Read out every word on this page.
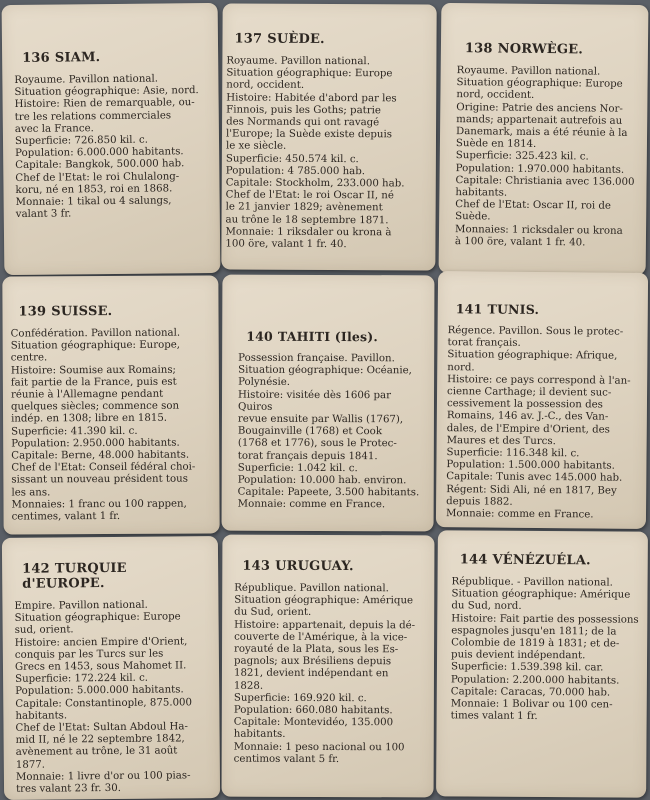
136 SIAM.
Royaume. Pavillon national.
Situation géographique: Asie, nord.
Histoire: Rien de remarquable, ou-
tre les relations commerciales
avec la France.
Superficie: 726.850 kil. c.
Population: 6.000.000 habitants.
Capitale: Bangkok, 500.000 hab.
Chef de l'Etat: le roi Chulalong-
koru, né en 1853, roi en 1868.
Monnaie: 1 tikal ou 4 salungs,
valant 3 fr.
137 SUÈDE.
Royaume. Pavillon national.
Situation géographique: Europe
nord, occident.
Histoire: Habitée d'abord par les
Finnois, puis les Goths; patrie
des Normands qui ont ravagé
l'Europe; la Suède existe depuis
le xe siècle.
Superficie: 450.574 kil. c.
Population: 4 785.000 hab.
Capitale: Stockholm, 233.000 hab.
Chef de l'Etat: le roi Oscar II, né
le 21 janvier 1829; avènement
au trône le 18 septembre 1871.
Monnaie: 1 riksdaler ou krona à
100 öre, valant 1 fr. 40.
138 NORWÈGE.
Royaume. Pavillon national.
Situation géographique: Europe
nord, occident.
Origine: Patrie des anciens Nor-
mands; appartenait autrefois au
Danemark, mais a été réunie à la
Suède en 1814.
Superficie: 325.423 kil. c.
Population: 1.970.000 habitants.
Capitale: Christiania avec 136.000
habitants.
Chef de l'Etat: Oscar II, roi de
Suède.
Monnaies: 1 ricksdaler ou krona
à 100 öre, valant 1 fr. 40.
139 SUISSE.
Confédération. Pavillon national.
Situation géographique: Europe,
centre.
Histoire: Soumise aux Romains;
fait partie de la France, puis est
réunie à l'Allemagne pendant
quelques siècles; commence son
indép. en 1308; libre en 1815.
Superficie: 41.390 kil. c.
Population: 2.950.000 habitants.
Capitale: Berne, 48.000 habitants.
Chef de l'Etat: Conseil fédéral choi-
sissant un nouveau président tous
les ans.
Monnaies: 1 franc ou 100 rappen,
centimes, valant 1 fr.
140 TAHITI (Iles).
Possession française. Pavillon.
Situation géographique: Océanie,
Polynésie.
Histoire: visitée dès 1606 par Quiros
revue ensuite par Wallis (1767),
Bougainville (1768) et Cook
(1768 et 1776), sous le Protec-
torat français depuis 1841.
Superficie: 1.042 kil. c.
Population: 10.000 hab. environ.
Capitale: Papeete, 3.500 habitants.
Monnaie: comme en France.
141 TUNIS.
Régence. Pavillon. Sous le protec-
torat français.
Situation géographique: Afrique,
nord.
Histoire: ce pays correspond à l'an-
cienne Carthage; il devient suc-
cessivement la possession des
Romains, 146 av. J.-C., des Van-
dales, de l'Empire d'Orient, des
Maures et des Turcs.
Superficie: 116.348 kil. c.
Population: 1.500.000 habitants.
Capitale: Tunis avec 145.000 hab.
Régent: Sidi Ali, né en 1817, Bey
depuis 1882.
Monnaie: comme en France.
142 TURQUIE d'EUROPE.
Empire. Pavillon national.
Situation géographique: Europe
sud, orient.
Histoire: ancien Empire d'Orient,
conquis par les Turcs sur les
Grecs en 1453, sous Mahomet II.
Superficie: 172.224 kil. c.
Population: 5.000.000 habitants.
Capitale: Constantinople, 875.000
habitants.
Chef de l'Etat: Sultan Abdoul Ha-
mid II, né le 22 septembre 1842,
avènement au trône, le 31 août
1877.
Monnaie: 1 livre d'or ou 100 pias-
tres valant 23 fr. 30.
143 URUGUAY.
République. Pavillon national.
Situation géographique: Amérique
du Sud, orient.
Histoire: appartenait, depuis la dé-
couverte de l'Amérique, à la vice-
royauté de la Plata, sous les Es-
pagnols; aux Brésiliens depuis
1821, devient indépendant en
1828.
Superficie: 169.920 kil. c.
Population: 660.080 habitants.
Capitale: Montevidéo, 135.000
habitants.
Monnaie: 1 peso nacional ou 100
centimos valant 5 fr.
144 VÉNÉZUÉLA.
République. - Pavillon national.
Situation géographique: Amérique
du Sud, nord.
Histoire: Fait partie des possessions
espagnoles jusqu'en 1811; de la
Colombie de 1819 à 1831; et de-
puis devient indépendant.
Superficie: 1.539.398 kil. car.
Population: 2.200.000 habitants.
Capitale: Caracas, 70.000 hab.
Monnaie: 1 Bolivar ou 100 cen-
times valant 1 fr.
